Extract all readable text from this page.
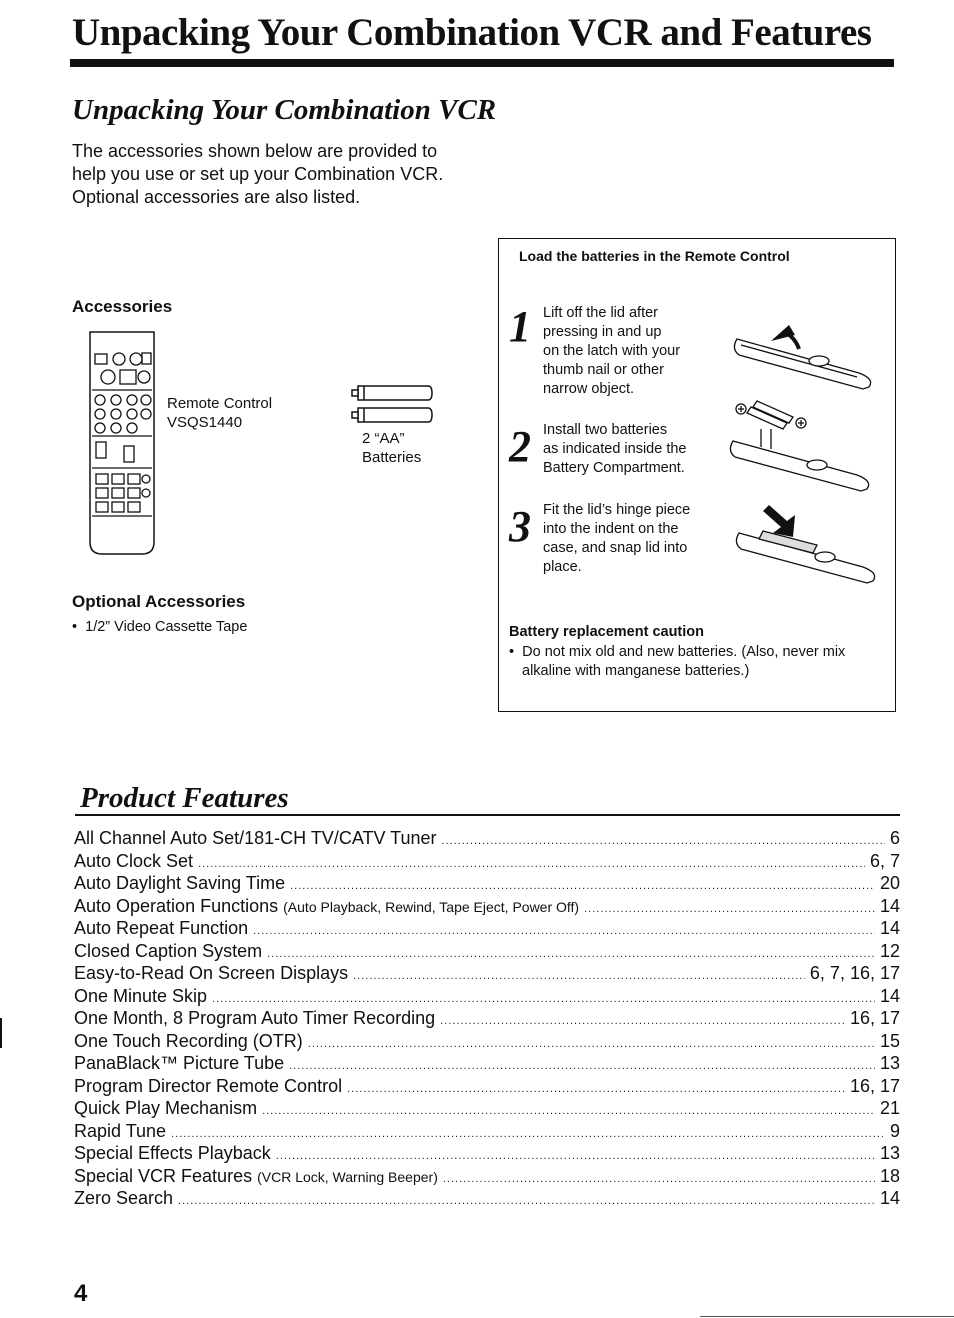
Unpacking Your Combination VCR and Features
Unpacking Your Combination VCR
The accessories shown below are provided to
help you use or set up your Combination VCR.
Optional accessories are also listed.
Accessories
Remote Control
VSQS1440
2 “AA”
Batteries
Optional Accessories
•  1/2” Video Cassette Tape
Load the batteries in the Remote Control
1 Lift off the lid after
pressing in and up
on the latch with your
thumb nail or other
narrow object.
2 Install two batteries
as indicated inside the
Battery Compartment.
3 Fit the lid’s hinge piece
into the indent on the
case, and snap lid into
place.
Battery replacement caution
•  Do not mix old and new batteries. (Also, never mix
alkaline with manganese batteries.)
Product Features
All Channel Auto Set/181-CH TV/CATV Tuner .....	6
Auto Clock Set .....	6, 7
Auto Daylight Saving Time .....	20
Auto Operation Functions
(Auto Playback, Rewind, Tape Eject, Power Off) .....	14
Auto Repeat Function .....	14
Closed Caption System .....	12
Easy-to-Read On Screen Displays .....	6, 7, 16, 17
One Minute Skip .....	14
One Month, 8 Program Auto Timer Recording .....	16, 17
One Touch Recording (OTR) .....	15
PanaBlack™ Picture Tube .....	13
Program Director Remote Control .....	16, 17
Quick Play Mechanism .....	21
Rapid Tune .....	9
Special Effects Playback .....	13
Special VCR Features
(VCR Lock, Warning Beeper) .....	18
Zero Search .....	14
4
